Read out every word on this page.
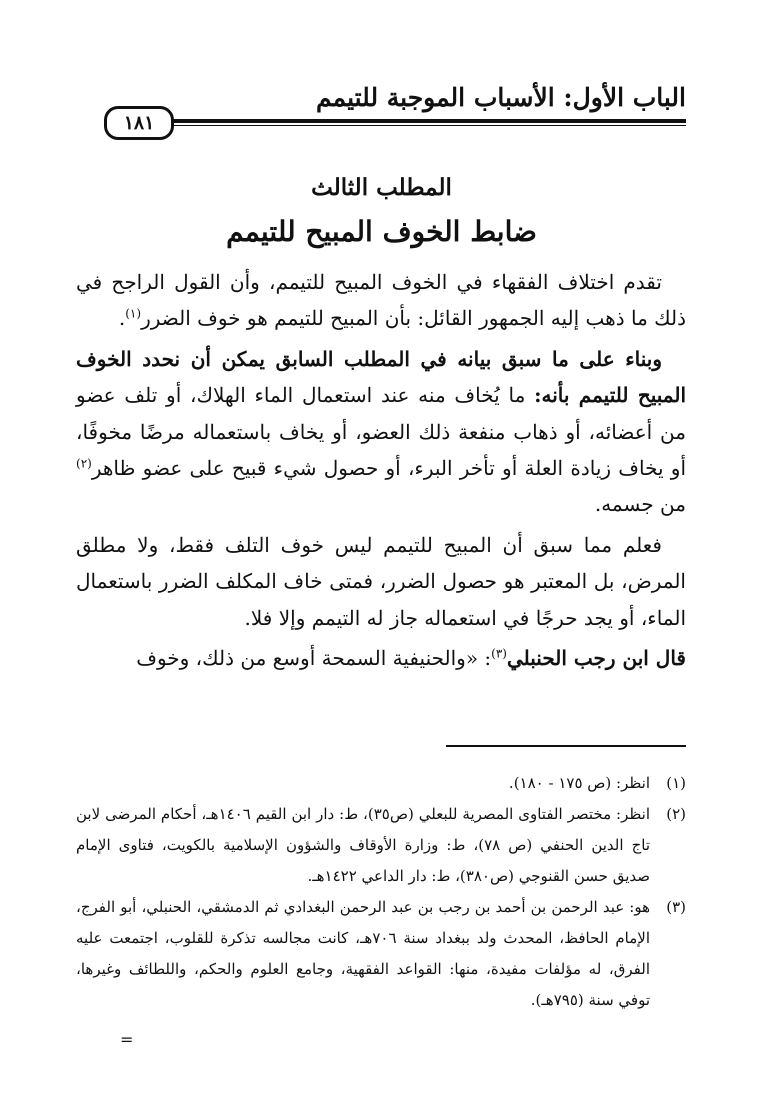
الباب الأول: الأسباب الموجبة للتيمم
١٨١
المطلب الثالث
ضابط الخوف المبيح للتيمم

تقدم اختلاف الفقهاء في الخوف المبيح للتيمم، وأن القول الراجح في ذلك ما ذهب إليه الجمهور القائل: بأن المبيح للتيمم هو خوف الضرر$^{(١)}$.

وبناء على ما سبق بيانه في المطلب السابق يمكن أن نحدد الخوف المبيح للتيمم بأنه: ما يُخاف منه عند استعمال الماء الهلاك، أو تلف عضو من أعضائه، أو ذهاب منفعة ذلك العضو، أو يخاف باستعماله مرضًا مخوفًا، أو يخاف زيادة العلة أو تأخر البرء، أو حصول شيء قبيح على عضو ظاهر$^{(٢)}$ من جسمه.

فعلم مما سبق أن المبيح للتيمم ليس خوف التلف فقط، ولا مطلق المرض، بل المعتبر هو حصول الضرر، فمتى خاف المكلف الضرر باستعمال الماء، أو يجد حرجًا في استعماله جاز له التيمم وإلا فلا.

قال ابن رجب الحنبلي$^{(٣)}$: «والحنيفية السمحة أوسع من ذلك، وخوف

(١)
انظر: (ص ١٧٥ - ١٨٠).
(٢)
انظر: مختصر الفتاوى المصرية للبعلي (ص٣٥)، ط: دار ابن القيم ١٤٠٦هـ، أحكام المرضى لابن تاج الدين الحنفي (ص ٧٨)، ط: وزارة الأوقاف والشؤون الإسلامية بالكويت، فتاوى الإمام صديق حسن القنوجي (ص٣٨٠)، ط: دار الداعي ١٤٢٢هـ.
(٣)
هو: عبد الرحمن بن أحمد بن رجب بن عبد الرحمن البغدادي ثم الدمشقي، الحنبلي، أبو الفرج، الإمام الحافظ، المحدث ولد ببغداد سنة ٧٠٦هـ، كانت مجالسه تذكرة للقلوب، اجتمعت عليه الفرق، له مؤلفات مفيدة، منها: القواعد الفقهية، وجامع العلوم والحكم، واللطائف وغيرها، توفي سنة (٧٩٥هـ).
=
